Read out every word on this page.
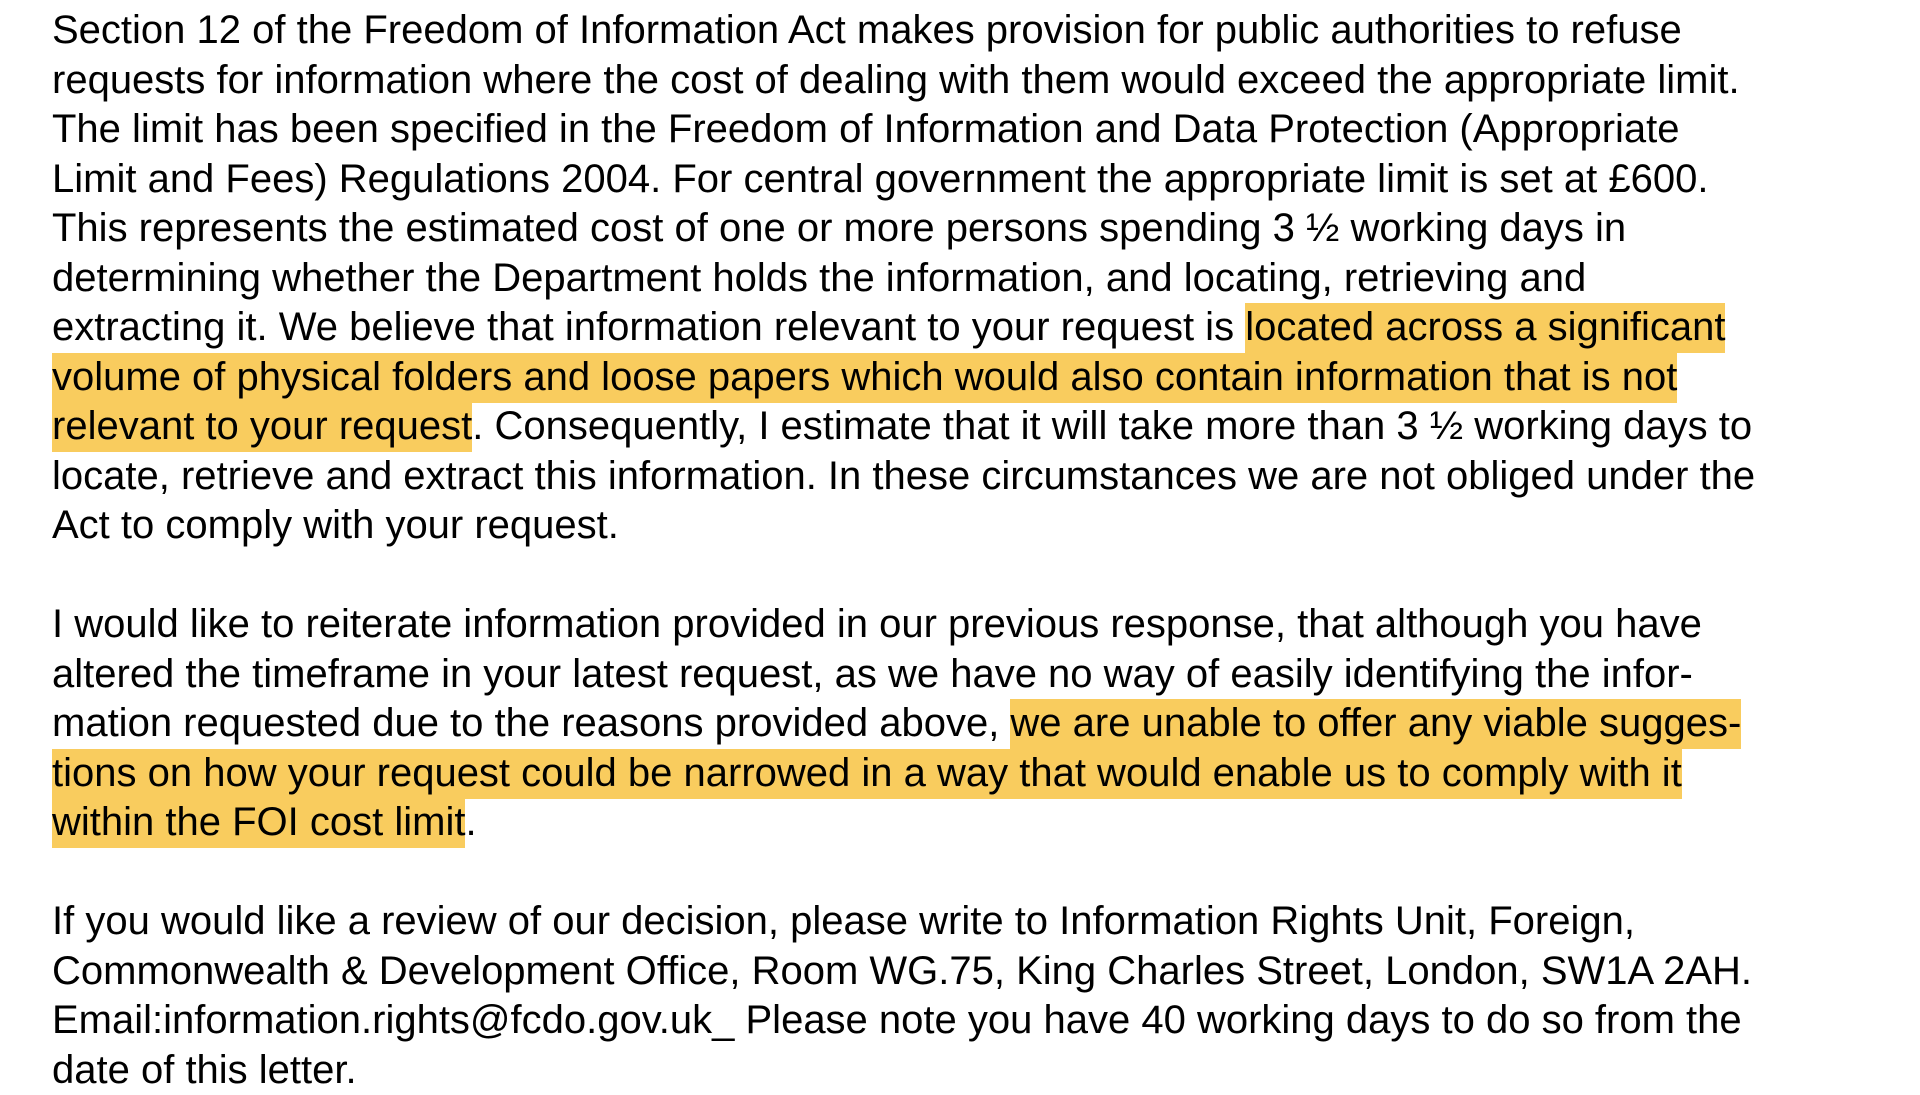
Section 12 of the Freedom of Information Act makes provision for public authorities to refuse
requests for information where the cost of dealing with them would exceed the appropriate limit.
The limit has been specified in the Freedom of Information and Data Protection (Appropriate
Limit and Fees) Regulations 2004. For central government the appropriate limit is set at £600.
This represents the estimated cost of one or more persons spending 3 ½ working days in
determining whether the Department holds the information, and locating, retrieving and
extracting it. We believe that information relevant to your request is located across a significant
volume of physical folders and loose papers which would also contain information that is not
relevant to your request. Consequently, I estimate that it will take more than 3 ½ working days to
locate, retrieve and extract this information. In these circumstances we are not obliged under the
Act to comply with your request.
I would like to reiterate information provided in our previous response, that although you have
altered the timeframe in your latest request, as we have no way of easily identifying the infor-
mation requested due to the reasons provided above, we are unable to offer any viable sugges-
tions on how your request could be narrowed in a way that would enable us to comply with it
within the FOI cost limit.
If you would like a review of our decision, please write to Information Rights Unit, Foreign,
Commonwealth & Development Office, Room WG.75, King Charles Street, London, SW1A 2AH.
Email:information.rights@fcdo.gov.uk_ Please note you have 40 working days to do so from the
date of this letter.
